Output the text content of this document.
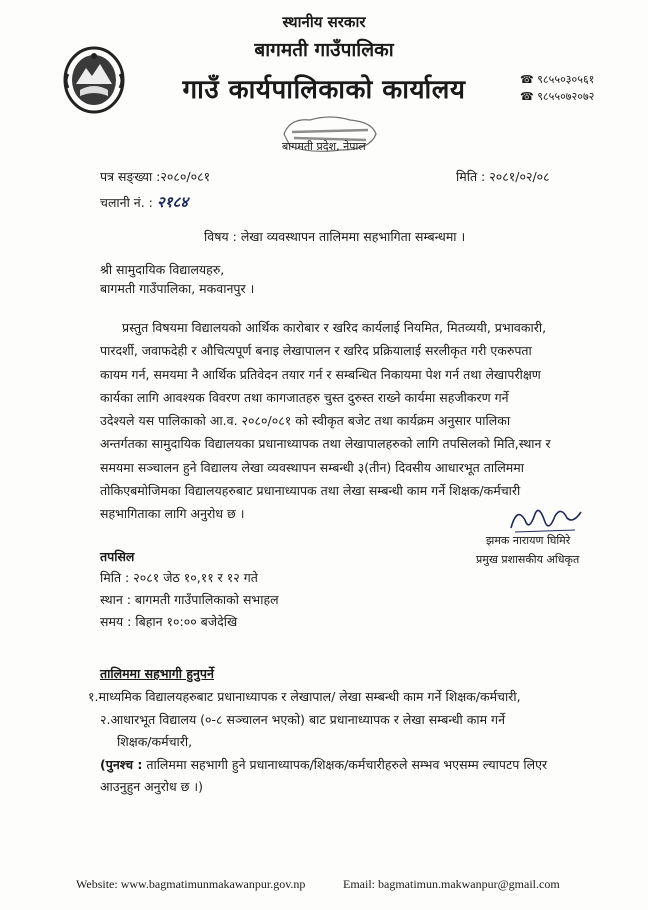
स्थानीय सरकार
बागमती गाउँपालिका
गाउँ कार्यपालिकाको कार्यालय
बागमती प्रदेश, नेपाल
☎ ९८५५०३०५६१
☎ ९८५५०७२०७२
पत्र सङ्ख्या :२०८०/०८१
चलानी नं. : २१८४
मिति : २०८१/०२/०८
विषय : लेखा व्यवस्थापन तालिममा सहभागिता सम्बन्धमा ।
श्री सामुदायिक विद्यालयहरु,
बागमती गाउँपालिका, मकवानपुर ।
प्रस्तुत विषयमा विद्यालयको आर्थिक कारोबार र खरिद कार्यलाई नियमित, मितव्ययी, प्रभावकारी,
पारदर्शी, जवाफदेही र औचित्यपूर्ण बनाइ लेखापालन र खरिद प्रक्रियालाई सरलीकृत गरी एकरुपता
कायम गर्न, समयमा नै आर्थिक प्रतिवेदन तयार गर्न र सम्बन्धित निकायमा पेश गर्न तथा लेखापरीक्षण
कार्यका लागि आवश्यक विवरण तथा कागजातहरु चुस्त दुरुस्त राख्ने कार्यमा सहजीकरण गर्ने
उदेश्यले यस पालिकाको आ.व. २०८०/०८१ को स्वीकृत बजेट तथा कार्यक्रम अनुसार पालिका
अन्तर्गतका सामुदायिक विद्यालयका प्रधानाध्यापक तथा लेखापालहरुको लागि तपसिलको मिति,स्थान र
समयमा सञ्चालन हुने विद्यालय लेखा व्यवस्थापन सम्बन्धी ३(तीन) दिवसीय आधारभूत तालिममा
तोकिएबमोजिमका विद्यालयहरुबाट प्रधानाध्यापक तथा लेखा सम्बन्धी काम गर्ने शिक्षक/कर्मचारी
सहभागिताका लागि अनुरोध छ ।
झमक नारायण घिमिरे
प्रमुख प्रशासकीय अधिकृत
तपसिल
मिति : २०८१ जेठ १०,११ र १२ गते
स्थान : बागमती गाउँपालिकाको सभाहल
समय : बिहान १०:०० बजेदेखि
तालिममा सहभागी हुनुपर्ने
१.माध्यमिक विद्यालयहरुबाट प्रधानाध्यापक र लेखापाल/ लेखा सम्बन्धी काम गर्ने शिक्षक/कर्मचारी,
२.आधारभूत विद्यालय (०-८ सञ्चालन भएको) बाट प्रधानाध्यापक र लेखा सम्बन्धी काम गर्ने
शिक्षक/कर्मचारी,
(पुनश्च : तालिममा सहभागी हुने प्रधानाध्यापक/शिक्षक/कर्मचारीहरुले सम्भव भएसम्म ल्यापटप लिएर
आउनुहुन अनुरोध छ ।)
Website: www.bagmatimunmakawanpur.gov.np	Email: bagmatimun.makwanpur@gmail.com
